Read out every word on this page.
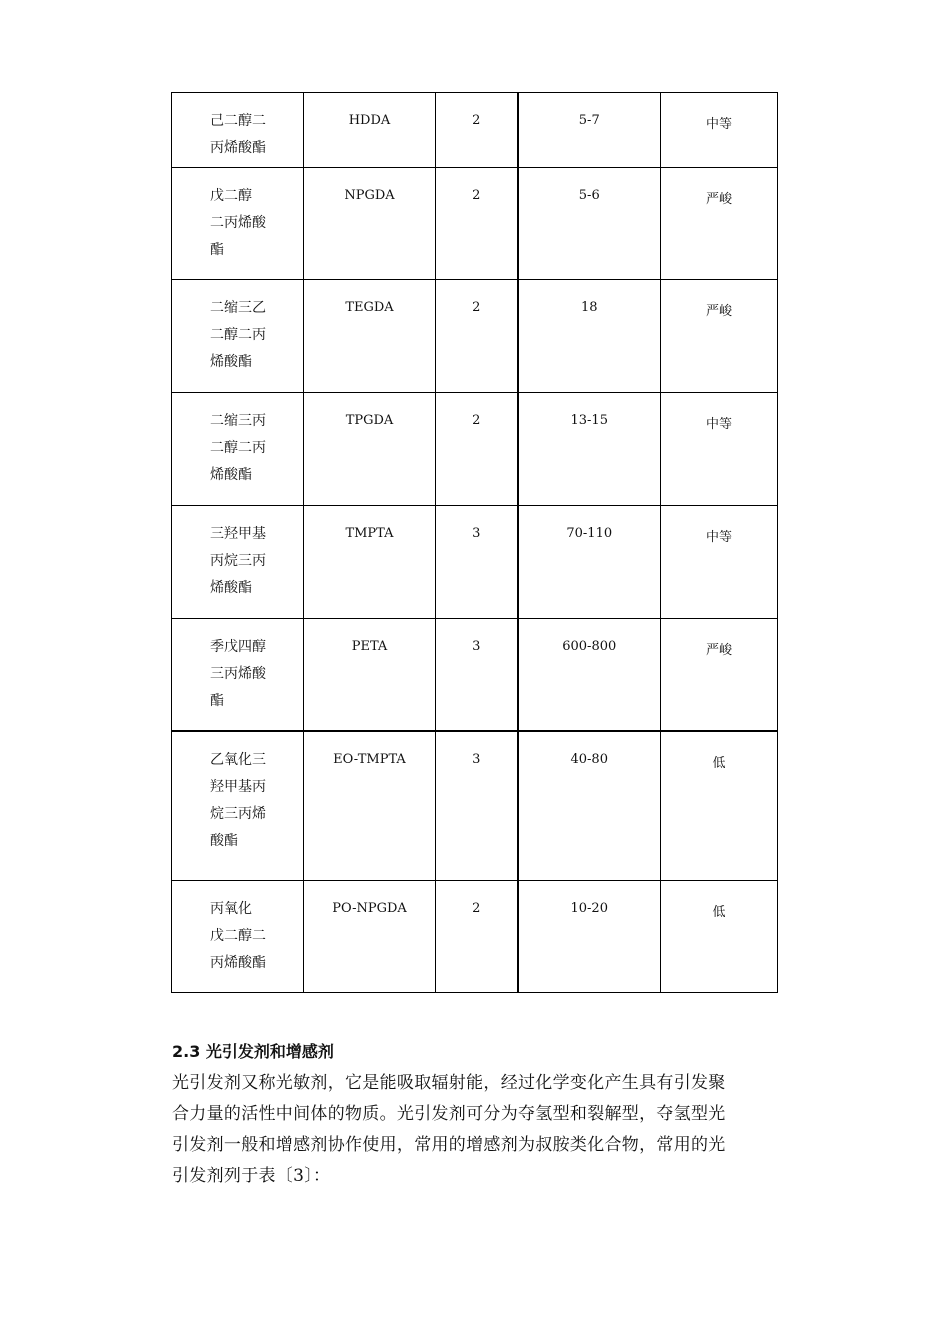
己二醇二
丙烯酸酯	HDDA	2	5-7	中等

戊二醇
二丙烯酸
酯	NPGDA	2	5-6	严峻

二缩三乙
二醇二丙
烯酸酯	TEGDA	2	18	严峻

二缩三丙
二醇二丙
烯酸酯	TPGDA	2	13-15	中等

三羟甲基
丙烷三丙
烯酸酯	TMPTA	3	70-110	中等

季戊四醇
三丙烯酸
酯	PETA	3	600-800	严峻

乙氧化三
羟甲基丙
烷三丙烯
酸酯	EO-TMPTA	3	40-80	低

丙氧化
戊二醇二
丙烯酸酯	PO-NPGDA	2	10-20	低

2.3 光引发剂和增感剂

光引发剂又称光敏剂，它是能吸取辐射能，经过化学变化产生具有引发聚
合力量的活性中间体的物质。光引发剂可分为夺氢型和裂解型，夺氢型光
引发剂一般和增感剂协作使用，常用的增感剂为叔胺类化合物，常用的光
引发剂列于表〔3〕：
